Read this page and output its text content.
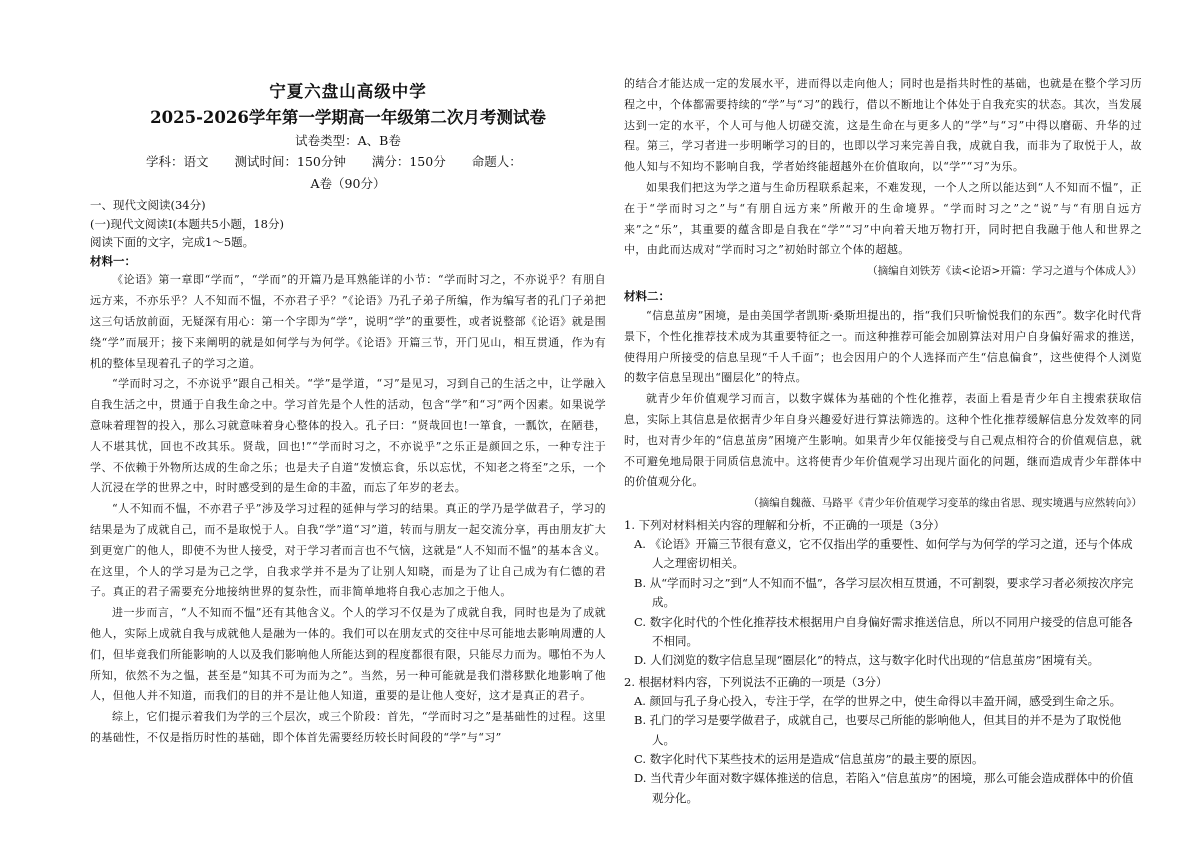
宁夏六盘山高级中学
2025-2026学年第一学期高一年级第二次月考测试卷
试卷类型：A、B卷
学科：语文 测试时间：150分钟 满分：150分 命题人：
A卷（90分）

一、现代文阅读(34分)

(一)现代文阅读Ⅰ(本题共5小题，18分)

阅读下面的文字，完成1～5题。

材料一：

《论语》第一章即“学而”，“学而”的开篇乃是耳熟能详的小节：“学而时习之，不亦说乎？有朋自远方来，不亦乐乎？人不知而不愠，不亦君子乎？”《论语》乃孔子弟子所编，作为编写者的孔门子弟把这三句话放前面，无疑深有用心：第一个字即为“学”，说明“学”的重要性，或者说整部《论语》就是围绕“学”而展开；接下来阐明的就是如何学与为何学。《论语》开篇三节，开门见山，相互贯通，作为有机的整体呈现着孔子的学习之道。

“学而时习之，不亦说乎”跟自己相关。“学”是学道，“习”是见习，习到自己的生活之中，让学融入自我生活之中，贯通于自我生命之中。学习首先是个人性的活动，包含“学”和“习”两个因素。如果说学意味着理智的投入，那么习就意味着身心整体的投入。孔子曰：“贤哉回也!一箪食，一瓢饮，在陋巷，人不堪其忧，回也不改其乐。贤哉，回也!”“学而时习之，不亦说乎”之乐正是颜回之乐，一种专注于学、不依赖于外物所达成的生命之乐；也是夫子自道“发愤忘食，乐以忘忧，不知老之将至”之乐，一个人沉浸在学的世界之中，时时感受到的是生命的丰盈，而忘了年岁的老去。

“人不知而不愠，不亦君子乎”涉及学习过程的延伸与学习的结果。真正的学乃是学做君子，学习的结果是为了成就自己，而不是取悦于人。自我“学”道“习”道，转而与朋友一起交流分享，再由朋友扩大到更宽广的他人，即使不为世人接受，对于学习者而言也不气恼，这就是“人不知而不愠”的基本含义。在这里，个人的学习是为己之学，自我求学并不是为了让别人知晓，而是为了让自己成为有仁德的君子。真正的君子需要充分地接纳世界的复杂性，而非简单地将自我心志加之于他人。

进一步而言，“人不知而不愠”还有其他含义。个人的学习不仅是为了成就自我，同时也是为了成就他人，实际上成就自我与成就他人是融为一体的。我们可以在朋友式的交往中尽可能地去影响周遭的人们，但毕竟我们所能影响的人以及我们影响他人所能达到的程度都很有限，只能尽力而为。哪怕不为人所知，依然不为之愠，甚至是“知其不可为而为之”。当然，另一种可能就是我们潜移默化地影响了他人，但他人并不知道，而我们的目的并不是让他人知道，重要的是让他人变好，这才是真正的君子。

综上，它们提示着我们为学的三个层次，或三个阶段：首先，“学而时习之”是基础性的过程。这里的基础性，不仅是指历时性的基础，即个体首先需要经历较长时间段的“学”与“习”

的结合才能达成一定的发展水平，进而得以走向他人；同时也是指共时性的基础，也就是在整个学习历程之中，个体都需要持续的“学”与“习”的践行，借以不断地让个体处于自我充实的状态。其次，当发展达到一定的水平，个人可与他人切磋交流，这是生命在与更多人的“学”与“习”中得以磨砺、升华的过程。第三，学习者进一步明晰学习的目的，也即以学习来完善自我，成就自我，而非为了取悦于人，故他人知与不知均不影响自我，学者始终能超越外在价值取向，以“学”“习”为乐。

如果我们把这为学之道与生命历程联系起来，不难发现，一个人之所以能达到“人不知而不愠”，正在于“学而时习之”与“有朋自远方来”所敞开的生命境界。“学而时习之”之“说”与“有朋自远方来”之“乐”，其重要的蕴含即是自我在“学”“习”中向着天地万物打开，同时把自我融于他人和世界之中，由此而达成对“学而时习之”初始时部立个体的超越。

（摘编自刘铁芳《读<论语>开篇：学习之道与个体成人》）

材料二：

“信息茧房”困境，是由美国学者凯斯·桑斯坦提出的，指“我们只听愉悦我们的东西”。数字化时代背景下，个性化推荐技术成为其重要特征之一。而这种推荐可能会加剧算法对用户自身偏好需求的推送，使得用户所接受的信息呈现“千人千面”；也会因用户的个人选择而产生“信息偏食”，这些使得个人浏览的数字信息呈现出“圈层化”的特点。

就青少年价值观学习而言，以数字媒体为基础的个性化推荐，表面上看是青少年自主搜索获取信息，实际上其信息是依据青少年自身兴趣爱好进行算法筛选的。这种个性化推荐缓解信息分发效率的同时，也对青少年的“信息茧房”困境产生影响。如果青少年仅能接受与自己观点相符合的价值观信息，就不可避免地局限于同质信息流中。这将使青少年价值观学习出现片面化的问题，继而造成青少年群体中的价值观分化。

（摘编自魏薇、马路平《青少年价值观学习变革的缘由省思、现实境遇与应然转向》）

1. 下列对材料相关内容的理解和分析，不正确的一项是（3分）

A. 《论语》开篇三节很有意义，它不仅指出学的重要性、如何学与为何学的学习之道，还与个体成人之理密切相关。

B. 从“学而时习之”到“人不知而不愠”，各学习层次相互贯通，不可割裂，要求学习者必须按次序完成。

C. 数字化时代的个性化推荐技术根据用户自身偏好需求推送信息，所以不同用户接受的信息可能各不相同。

D. 人们浏览的数字信息呈现“圈层化”的特点，这与数字化时代出现的“信息茧房”困境有关。

2. 根据材料内容，下列说法不正确的一项是（3分）

A. 颜回与孔子身心投入，专注于学，在学的世界之中，使生命得以丰盈开阔，感受到生命之乐。

B. 孔门的学习是要学做君子，成就自己，也要尽己所能的影响他人，但其目的并不是为了取悦他人。

C. 数字化时代下某些技术的运用是造成“信息茧房”的最主要的原因。

D. 当代青少年面对数字媒体推送的信息，若陷入“信息茧房”的困境，那么可能会造成群体中的价值观分化。
